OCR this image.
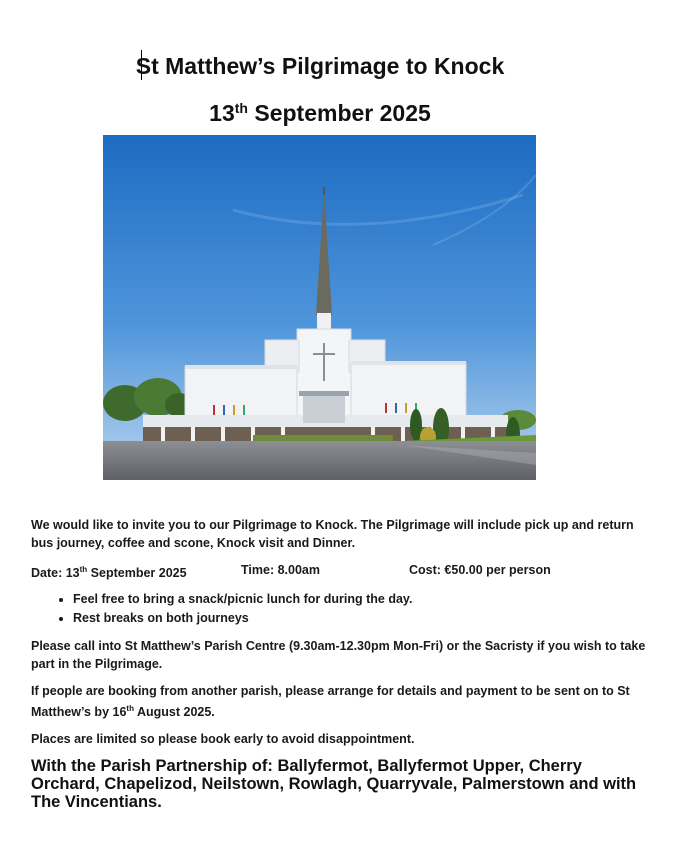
St Matthew’s Pilgrimage to Knock
13th September 2025

We would like to invite you to our Pilgrimage to Knock. The Pilgrimage will include pick up and return bus journey, coffee and scone, Knock visit and Dinner.

Date: 13th September 2025	Time: 8.00am	Cost: €50.00 per person
• Feel free to bring a snack/picnic lunch for during the day.
• Rest breaks on both journeys

Please call into St Matthew’s Parish Centre (9.30am-12.30pm Mon-Fri) or the Sacristy if you wish to take part in the Pilgrimage.

If people are booking from another parish, please arrange for details and payment to be sent on to St Matthew’s by 16th August 2025.

Places are limited so please book early to avoid disappointment.

With the Parish Partnership of: Ballyfermot, Ballyfermot Upper, Cherry Orchard, Chapelizod, Neilstown, Rowlagh, Quarryvale, Palmerstown and with The Vincentians.
